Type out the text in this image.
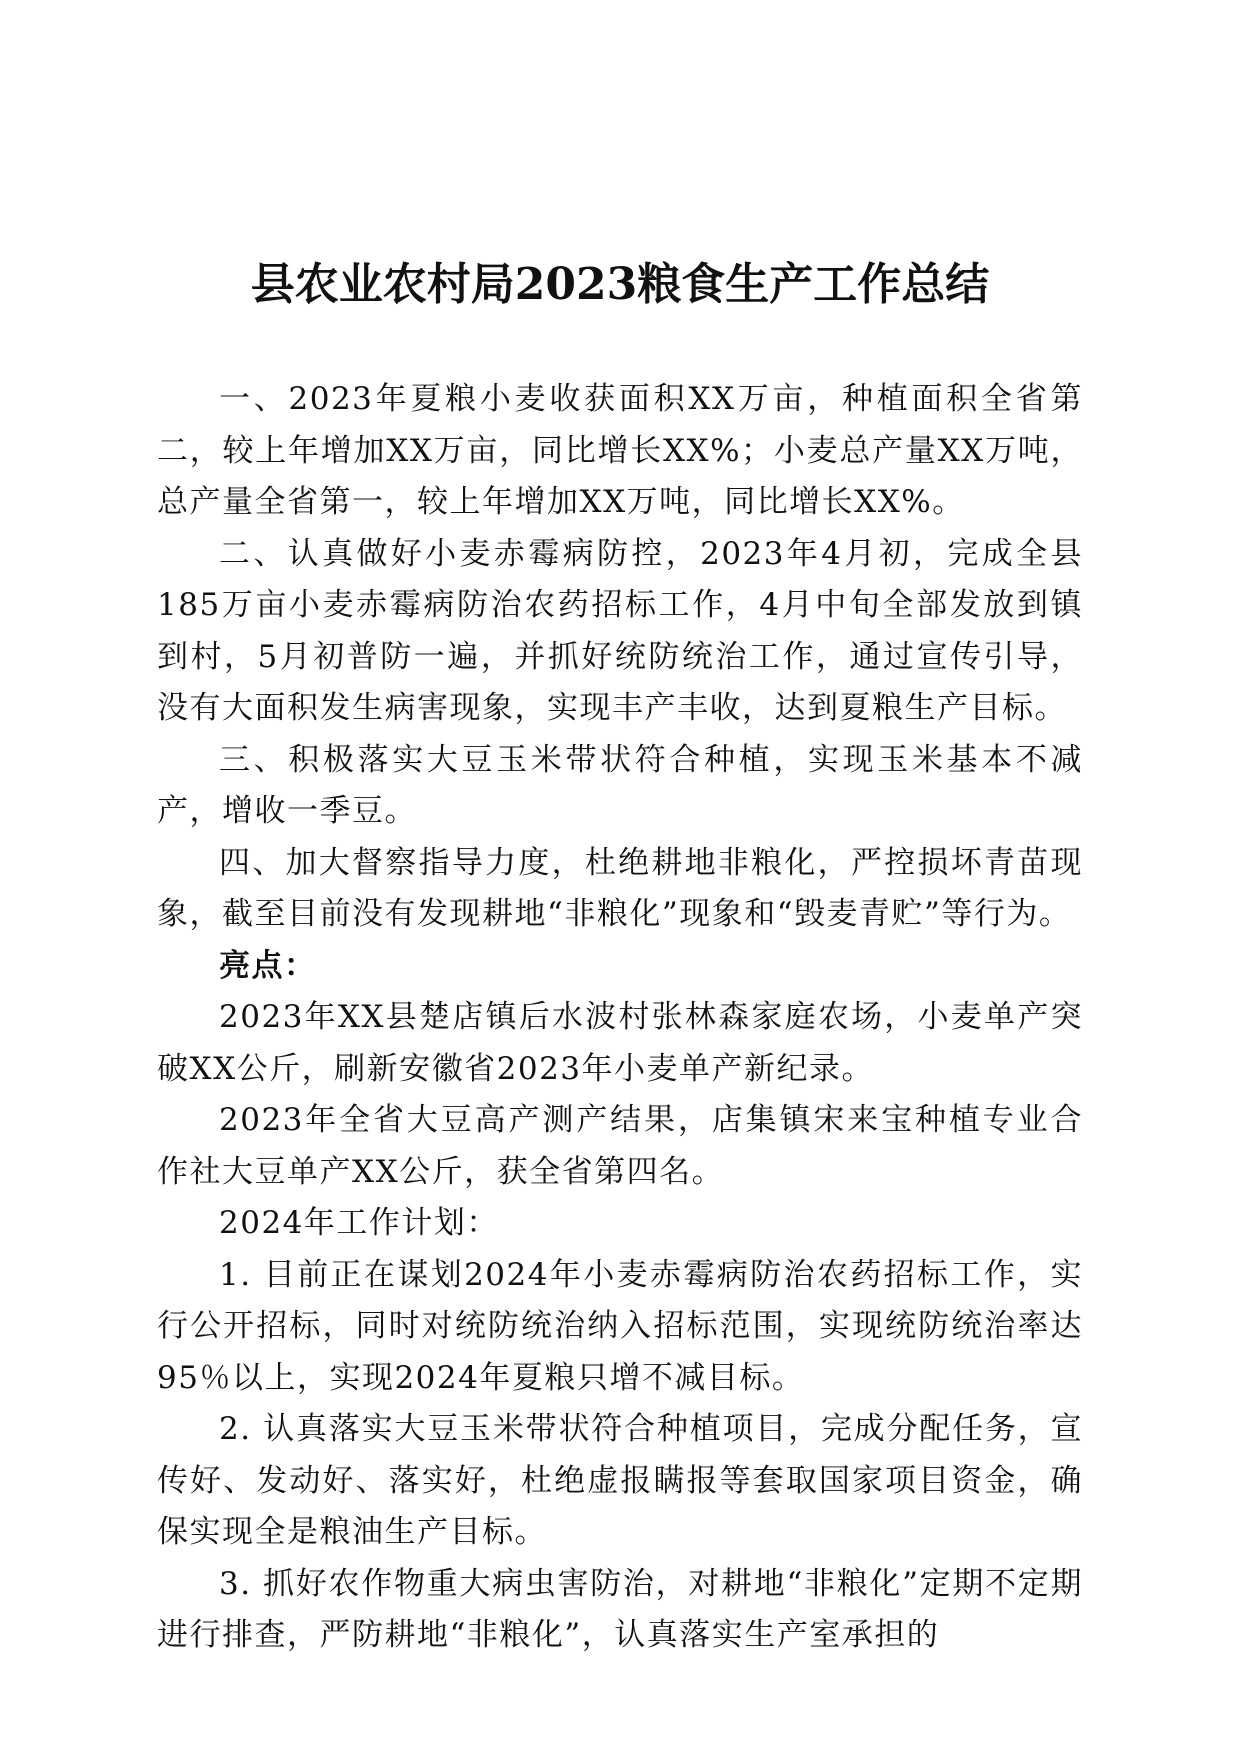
县农业农村局2023粮食生产工作总结

一、2023年夏粮小麦收获面积XX万亩，种植面积全省第二，较上年增加XX万亩，同比增长XX%；小麦总产量XX万吨，总产量全省第一，较上年增加XX万吨，同比增长XX%。

二、认真做好小麦赤霉病防控，2023年4月初，完成全县185万亩小麦赤霉病防治农药招标工作，4月中旬全部发放到镇到村，5月初普防一遍，并抓好统防统治工作，通过宣传引导，没有大面积发生病害现象，实现丰产丰收，达到夏粮生产目标。

三、积极落实大豆玉米带状符合种植，实现玉米基本不减产，增收一季豆。

四、加大督察指导力度，杜绝耕地非粮化，严控损坏青苗现象，截至目前没有发现耕地“非粮化”现象和“毁麦青贮”等行为。

亮点：

2023年XX县楚店镇后水波村张林森家庭农场，小麦单产突破XX公斤，刷新安徽省2023年小麦单产新纪录。

2023年全省大豆高产测产结果，店集镇宋来宝种植专业合作社大豆单产XX公斤，获全省第四名。

2024年工作计划：

1. 目前正在谋划2024年小麦赤霉病防治农药招标工作，实行公开招标，同时对统防统治纳入招标范围，实现统防统治率达95％以上，实现2024年夏粮只增不减目标。

2. 认真落实大豆玉米带状符合种植项目，完成分配任务，宣传好、发动好、落实好，杜绝虚报瞒报等套取国家项目资金，确保实现全是粮油生产目标。

3. 抓好农作物重大病虫害防治，对耕地“非粮化”定期不定期进行排查，严防耕地“非粮化”，认真落实生产室承担的
